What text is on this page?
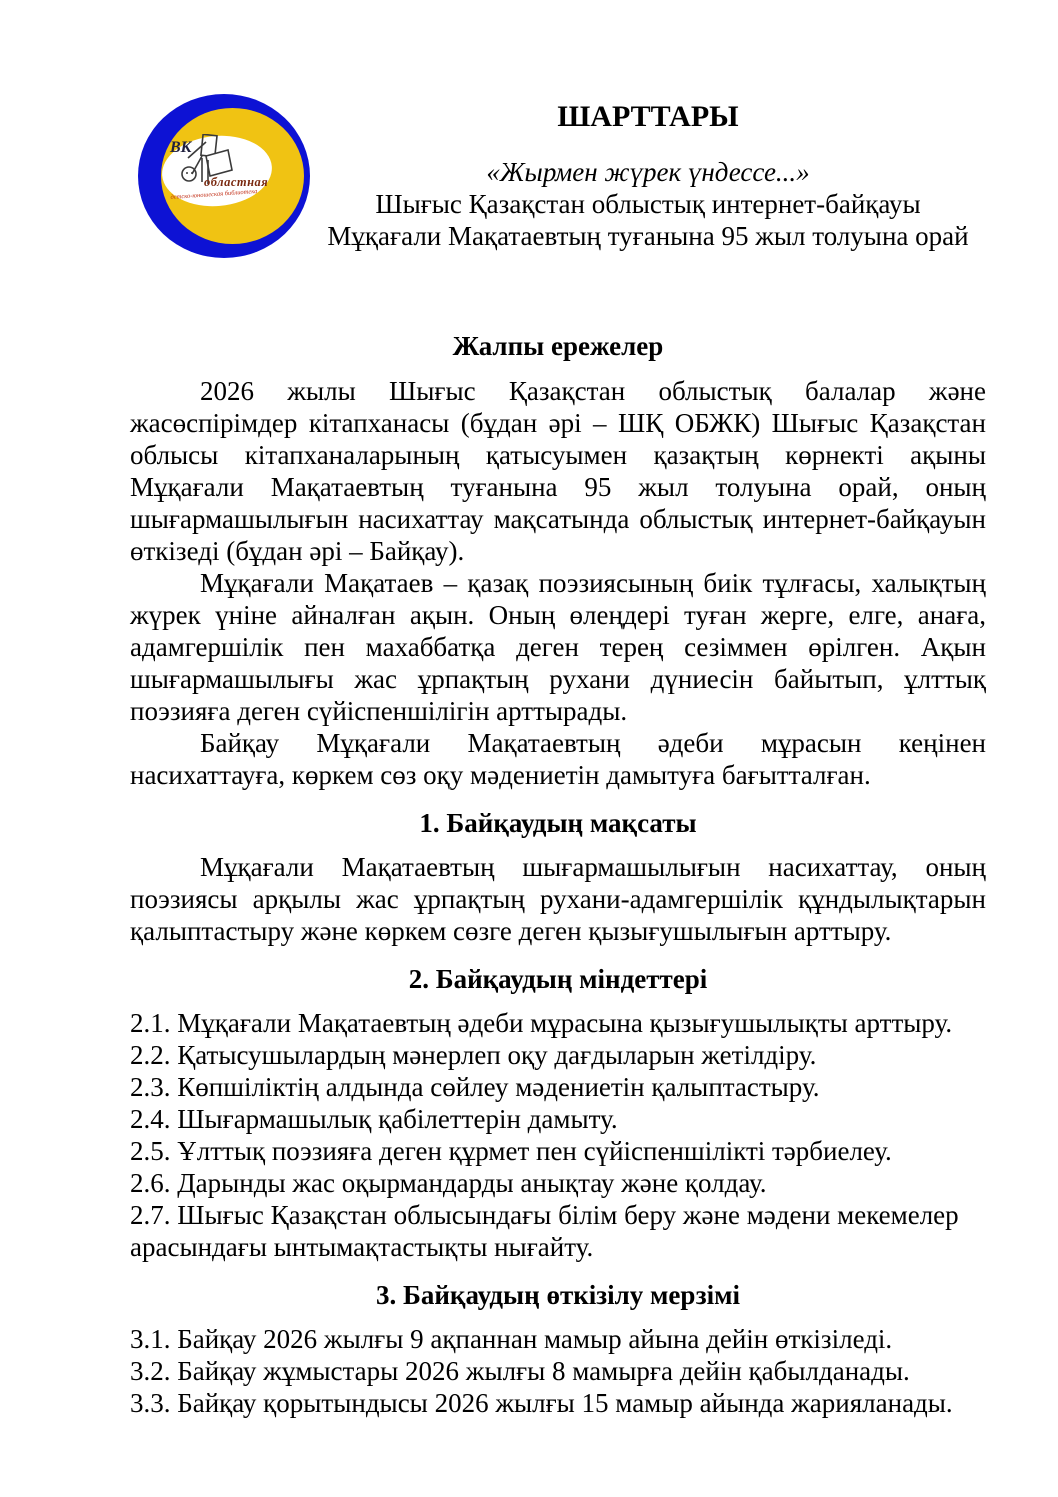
ВК
областная
детско-юношеская библиотека
ШАРТТАРЫ

«Жырмен жүрек үндессе...»

Шығыс Қазақстан облыстық интернет-байқауы

Мұқағали Мақатаевтың туғанына 95 жыл толуына орай

Жалпы ережелер

2026 жылы Шығыс Қазақстан облыстық балалар және жасөспірімдер кітапханасы (бұдан әрі – ШҚ ОБЖК) Шығыс Қазақстан облысы кітапханаларының қатысуымен қазақтың көрнекті ақыны Мұқағали Мақатаевтың туғанына 95 жыл толуына орай, оның шығармашылығын насихаттау мақсатында облыстық интернет-байқауын өткізеді (бұдан әрі – Байқау).

Мұқағали Мақатаев – қазақ поэзиясының биік тұлғасы, халықтың жүрек үніне айналған ақын. Оның өлеңдері туған жерге, елге, анаға, адамгершілік пен махаббатқа деген терең сезіммен өрілген. Ақын шығармашылығы жас ұрпақтың рухани дүниесін байытып, ұлттық поэзияға деген сүйіспеншілігін арттырады.

Байқау Мұқағали Мақатаевтың әдеби мұрасын кеңінен насихаттауға, көркем сөз оқу мәдениетін дамытуға бағытталған.

1. Байқаудың мақсаты

Мұқағали Мақатаевтың шығармашылығын насихаттау, оның поэзиясы арқылы жас ұрпақтың рухани-адамгершілік құндылықтарын қалыптастыру және көркем сөзге деген қызығушылығын арттыру.

2. Байқаудың міндеттері

2.1. Мұқағали Мақатаевтың әдеби мұрасына қызығушылықты арттыру.

2.2. Қатысушылардың мәнерлеп оқу дағдыларын жетілдіру.

2.3. Көпшіліктің алдында сөйлеу мәдениетін қалыптастыру.

2.4. Шығармашылық қабілеттерін дамыту.

2.5. Ұлттық поэзияға деген құрмет пен сүйіспеншілікті тәрбиелеу.

2.6. Дарынды жас оқырмандарды анықтау және қолдау.

2.7. Шығыс Қазақстан облысындағы білім беру және мәдени мекемелер арасындағы ынтымақтастықты нығайту.

3. Байқаудың өткізілу мерзімі

3.1. Байқау 2026 жылғы 9 ақпаннан мамыр айына дейін өткізіледі.

3.2. Байқау жұмыстары 2026 жылғы 8 мамырға дейін қабылданады.

3.3. Байқау қорытындысы 2026 жылғы 15 мамыр айында жарияланады.
